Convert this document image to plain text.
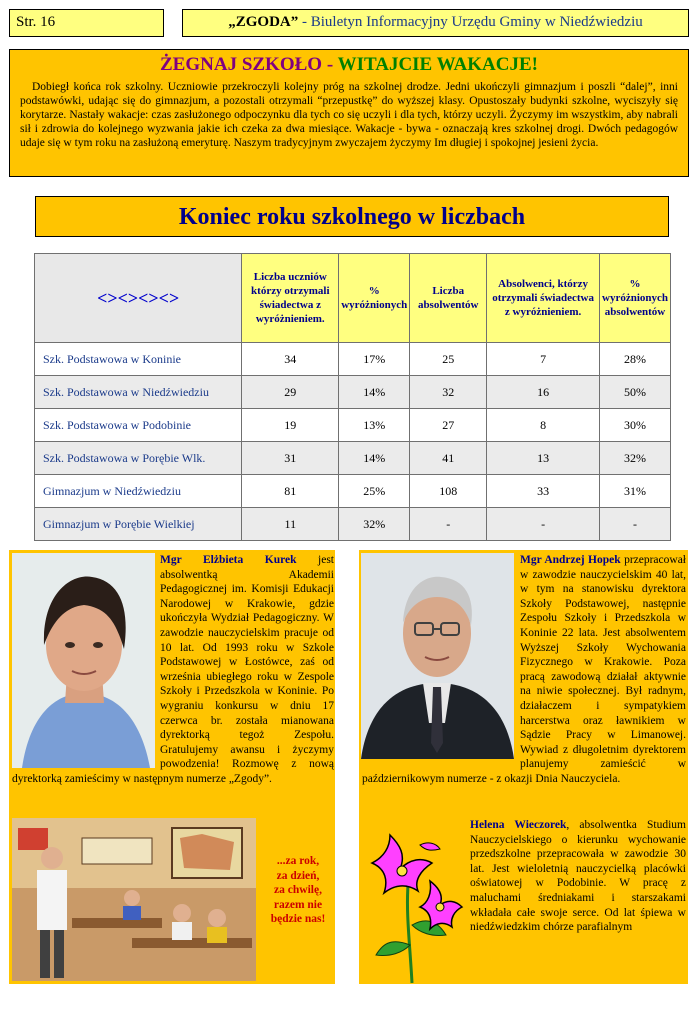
Str. 16	„ZGODA” - Biuletyn Informacyjny Urzędu Gminy w Niedźwiedziu
ŻEGNAJ SZKOŁO - WITAJCIE WAKACJE!

Dobiegł końca rok szkolny. Uczniowie przekroczyli kolejny próg na szkolnej drodze. Jedni ukończyli gimnazjum i poszli “dalej”, inni podstawówki, udając się do gimnazjum, a pozostali otrzymali “przepustkę” do wyższej klasy. Opustoszały budynki szkolne, wyciszyły się korytarze. Nastały wakacje: czas zasłużonego odpoczynku dla tych co się uczyli i dla tych, którzy uczyli. Życzymy im wszystkim, aby nabrali sił i zdrowia do kolejnego wyzwania jakie ich czeka za dwa miesiące. Wakacje - bywa - oznaczają kres szkolnej drogi. Dwóch pedagogów udaje się w tym roku na zasłużoną emeryturę. Naszym tradycyjnym zwyczajem życzymy Im długiej i spokojnej jesieni życia.

Koniec roku szkolnego w liczbach
<><><><>	Liczba uczniów którzy otrzymali świadectwa z wyróżnieniem.	% wyróżnionych	Liczba absolwentów	Absolwenci, którzy otrzymali świadectwa z wyróżnieniem.	% wyróżnionych absolwentów
Szk. Podstawowa w Koninie	34	17%	25	7	28%
Szk. Podstawowa w Niedźwiedziu	29	14%	32	16	50%
Szk. Podstawowa w Podobinie	19	13%	27	8	30%
Szk. Podstawowa w Porębie Wlk.	31	14%	41	13	32%
Gimnazjum w Niedźwiedziu	81	25%	108	33	31%
Gimnazjum w Porębie Wielkiej	11	32%	-	-	-
Mgr Elżbieta Kurek jest absolwentką Akademii Pedagogicznej im. Komisji Edukacji Narodowej w Krakowie, gdzie ukończyła Wydział Pedagogiczny. W zawodzie nauczycielskim pracuje od 10 lat. Od 1993 roku w Szkole Podstawowej w Łostówce, zaś od września ubiegłego roku w Zespole Szkoły i Przedszkola w Koninie. Po wygraniu konkursu w dniu 17 czerwca br. została mianowana dyrektorką tegoż Zespołu. Gratulujemy awansu i życzymy powodzenia! Rozmowę z nową dyrektorką zamieścimy w następnym numerze „Zgody”.
...za rok,
za dzień,
za chwilę,
razem nie
będzie nas!
Mgr Andrzej Hopek przepracował w zawodzie nauczycielskim 40 lat, w tym na stanowisku dyrektora Szkoły Podstawowej, następnie Zespołu Szkoły i Przedszkola w Koninie 22 lata. Jest absolwentem Wyższej Szkoły Wychowania Fizycznego w Krakowie. Poza pracą zawodową działał aktywnie na niwie społecznej. Był radnym, działaczem i sympatykiem harcerstwa oraz ławnikiem w Sądzie Pracy w Limanowej. Wywiad z długoletnim dyrektorem planujemy zamieścić w październikowym numerze - z okazji Dnia Nauczyciela.
Helena Wieczorek, absolwentka Studium Nauczycielskiego o kierunku wychowanie przedszkolne przepracowała w zawodzie 30 lat. Jest wieloletnią nauczycielką placówki oświatowej w Podobinie. W pracę z maluchami średniakami i starszakami wkładała całe swoje serce. Od lat śpiewa w niedźwiedzkim chórze parafialnym
